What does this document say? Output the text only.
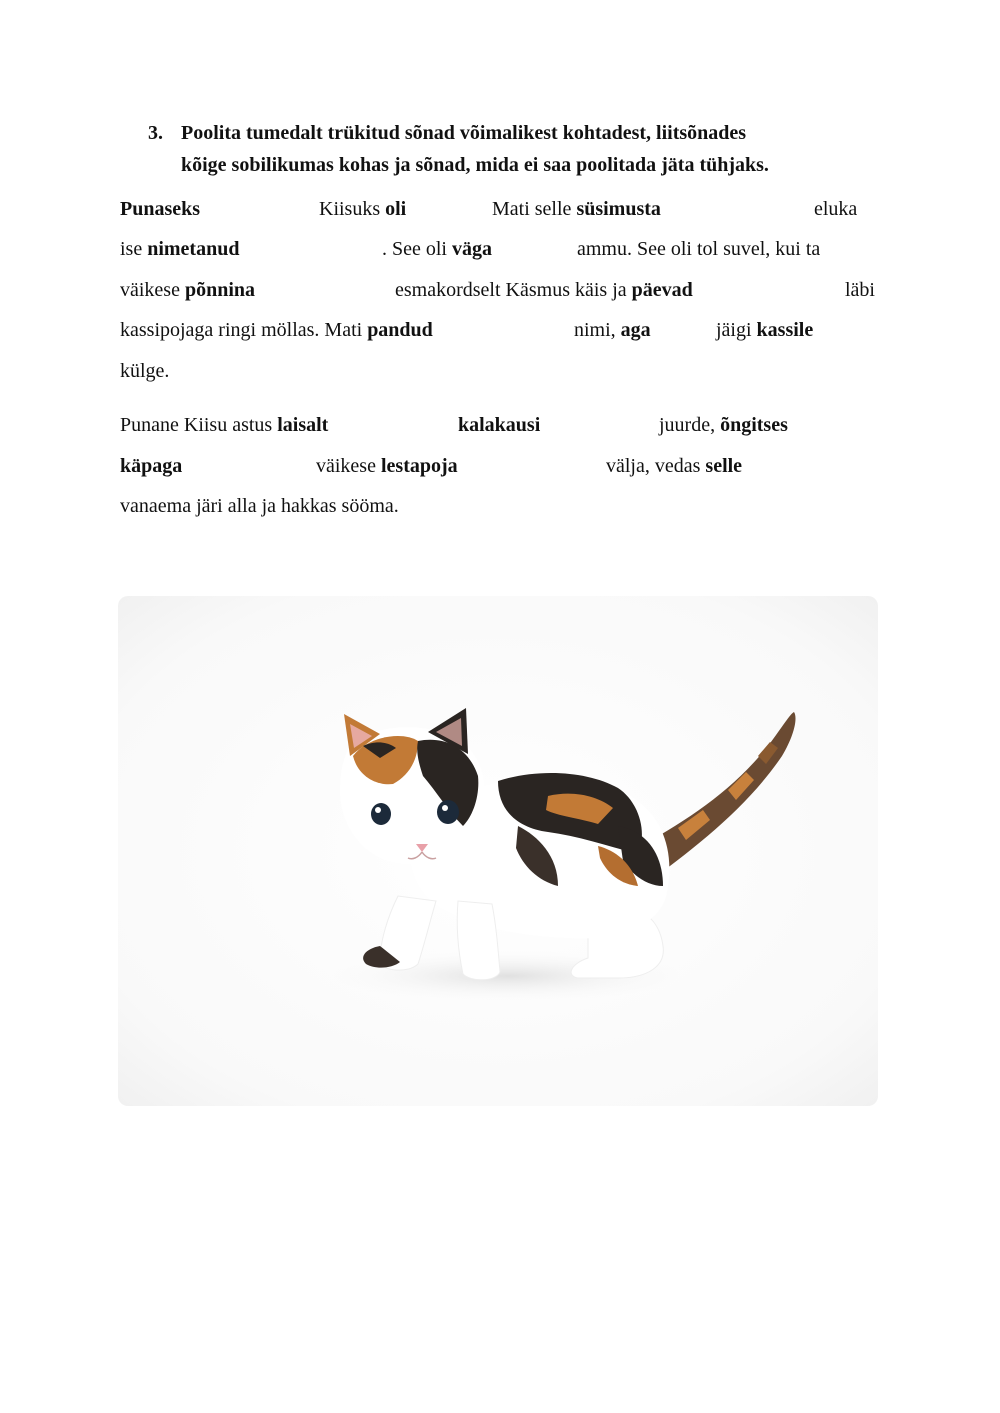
3. Poolita tumedalt trükitud sõnad võimalikest kohtadest, liitsõnades
kõige sobilikumas kohas ja sõnad, mida ei saa poolitada jäta tühjaks.
Punaseks	Kiisuks oli	Mati selle süsimusta	eluka
ise nimetanud	. See oli väga	ammu. See oli tol suvel, kui ta
väikese põnnina	esmakordselt Käsmus käis ja päevad	läbi
kassipojaga ringi möllas. Mati pandud	nimi, aga	jäigi kassile
külge.
Punane Kiisu astus laisalt	kalakausi	juurde, õngitses
käpaga	väikese lestapoja	välja, vedas selle
vanaema järi alla ja hakkas sööma.
